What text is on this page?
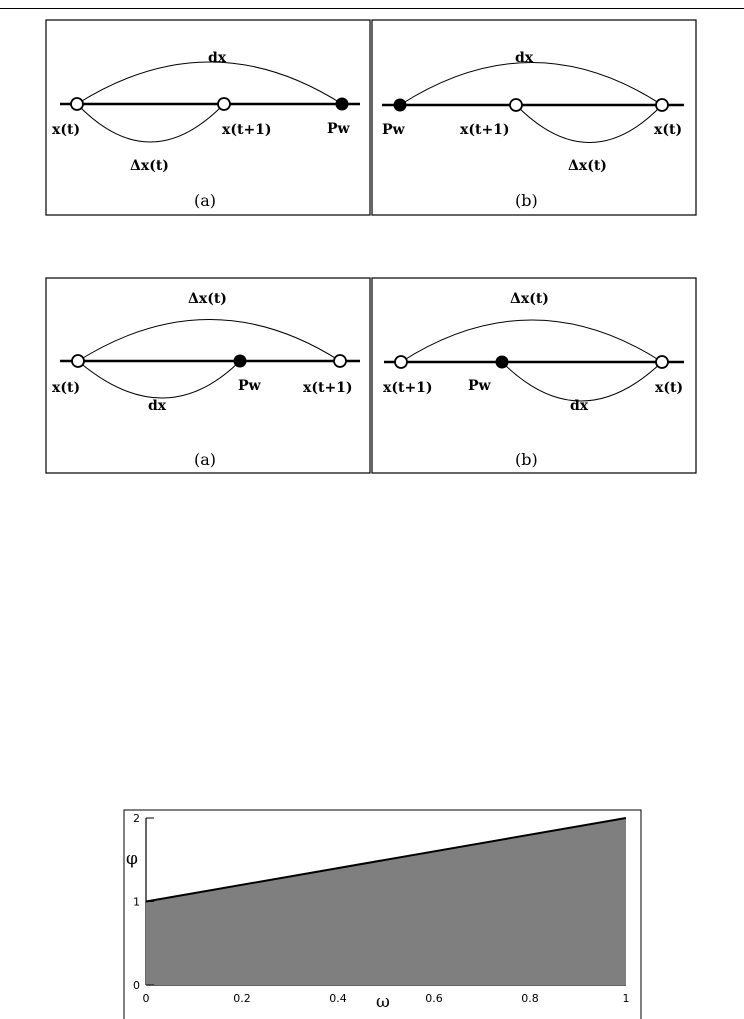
dx
x(t)	x(t+1)	Pw
Δx(t)
(a)
dx
Pw	x(t+1)	x(t)
Δx(t)
(b)
Δx(t)
x(t)	Pw	x(t+1)
dx
(a)
Δx(t)
x(t+1)	Pw	x(t)
dx
(b)
0
1
2
0	0.2	0.4	0.6	0.8	1
φ
ω
